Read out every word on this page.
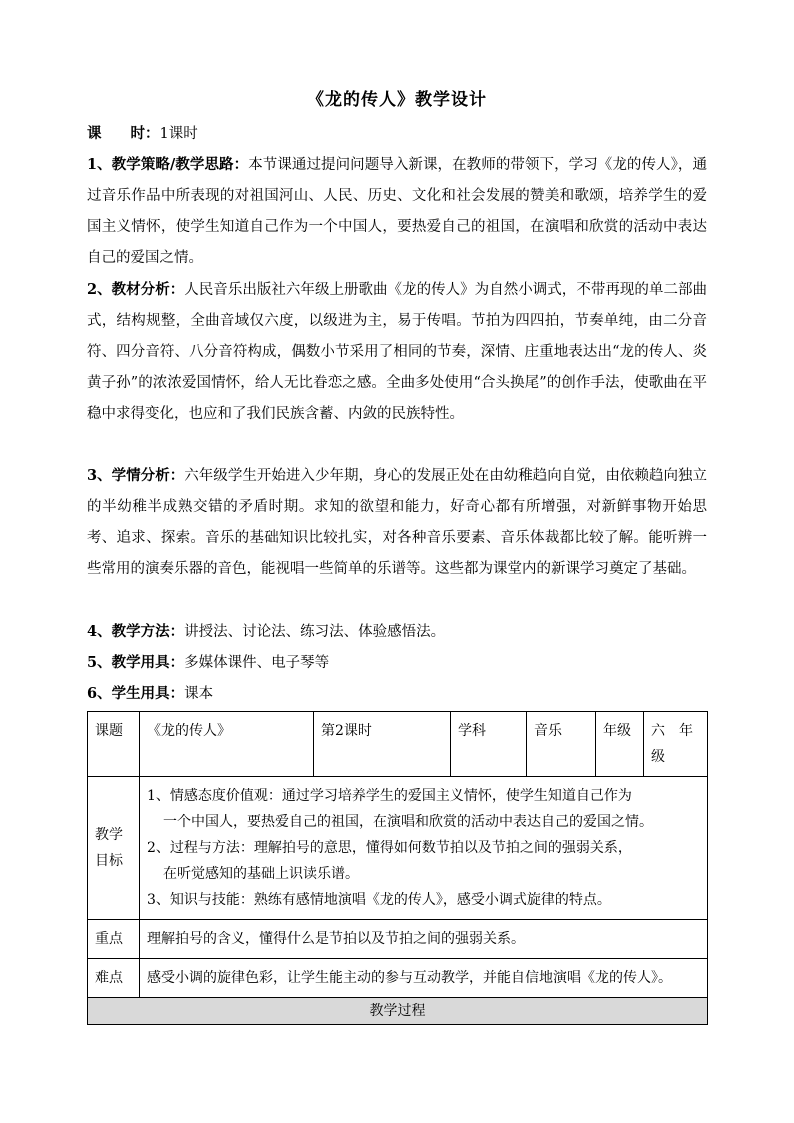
《龙的传人》教学设计
课　　时：1课时
1、教学策略/教学思路：本节课通过提问问题导入新课，在教师的带领下，学习《龙的传人》，通过音乐作品中所表现的对祖国河山、人民、历史、文化和社会发展的赞美和歌颂，培养学生的爱国主义情怀，使学生知道自己作为一个中国人，要热爱自己的祖国，在演唱和欣赏的活动中表达自己的爱国之情。
2、教材分析：人民音乐出版社六年级上册歌曲《龙的传人》为自然小调式，不带再现的单二部曲式，结构规整，全曲音域仅六度，以级进为主，易于传唱。节拍为四四拍，节奏单纯，由二分音符、四分音符、八分音符构成，偶数小节采用了相同的节奏，深情、庄重地表达出“龙的传人、炎黄子孙”的浓浓爱国情怀，给人无比眷恋之感。全曲多处使用“合头换尾”的创作手法，使歌曲在平稳中求得变化，也应和了我们民族含蓄、内敛的民族特性。
3、学情分析：六年级学生开始进入少年期，身心的发展正处在由幼稚趋向自觉，由依赖趋向独立的半幼稚半成熟交错的矛盾时期。求知的欲望和能力，好奇心都有所增强，对新鲜事物开始思考、追求、探索。音乐的基础知识比较扎实，对各种音乐要素、音乐体裁都比较了解。能听辨一些常用的演奏乐器的音色，能视唱一些简单的乐谱等。这些都为课堂内的新课学习奠定了基础。
4、教学方法：讲授法、讨论法、练习法、体验感悟法。
5、教学用具：多媒体课件、电子琴等
6、学生用具：课本
课题	《龙的传人》	第2课时	学科	音乐	年级	六　年级
教学目标	1、情感态度价值观：通过学习培养学生的爱国主义情怀，使学生知道自己作为
一个中国人，要热爱自己的祖国，在演唱和欣赏的活动中表达自己的爱国之情。
2、过程与方法：理解拍号的意思，懂得如何数节拍以及节拍之间的强弱关系，
在听觉感知的基础上识读乐谱。
3、知识与技能：熟练有感情地演唱《龙的传人》，感受小调式旋律的特点。					

重点	理解拍号的含义，懂得什么是节拍以及节拍之间的强弱关系。					
难点	感受小调的旋律色彩，让学生能主动的参与互动教学，并能自信地演唱《龙的传人》。					
教学过程						
